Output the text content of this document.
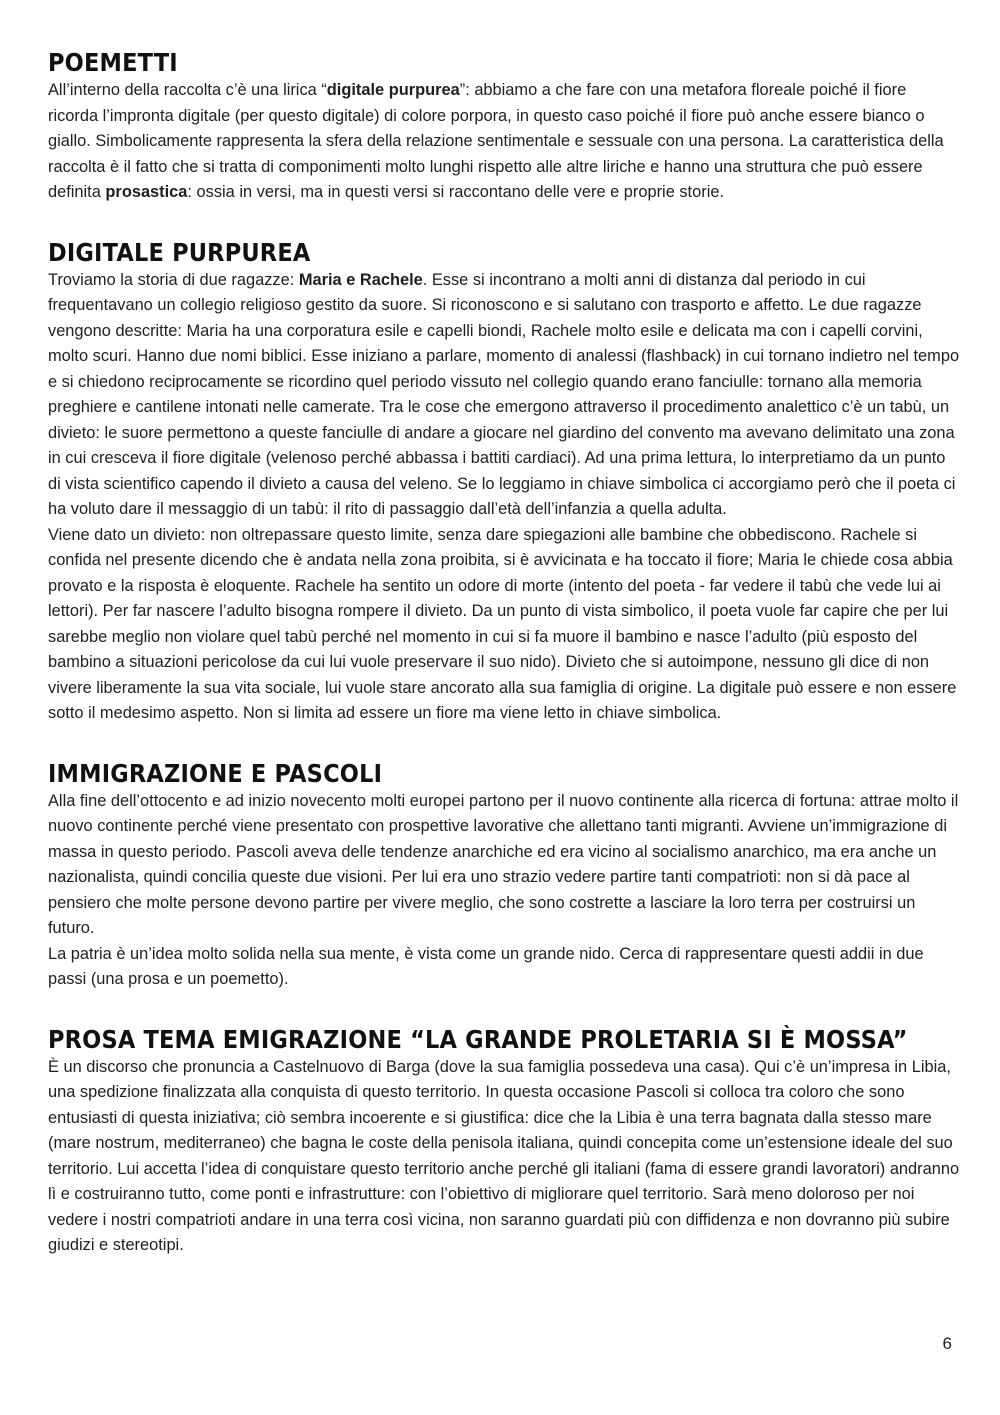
POEMETTI

All’interno della raccolta c’è una lirica “digitale purpurea”: abbiamo a che fare con una metafora floreale poiché il fiore ricorda l’impronta digitale (per questo digitale) di colore porpora, in questo caso poiché il fiore può anche essere bianco o giallo. Simbolicamente rappresenta la sfera della relazione sentimentale e sessuale con una persona. La caratteristica della raccolta è il fatto che si tratta di componimenti molto lunghi rispetto alle altre liriche e hanno una struttura che può essere definita prosastica: ossia in versi, ma in questi versi si raccontano delle vere e proprie storie.

DIGITALE PURPUREA

Troviamo la storia di due ragazze: Maria e Rachele. Esse si incontrano a molti anni di distanza dal periodo in cui frequentavano un collegio religioso gestito da suore. Si riconoscono e si salutano con trasporto e affetto. Le due ragazze vengono descritte: Maria ha una corporatura esile e capelli biondi, Rachele molto esile e delicata ma con i capelli corvini, molto scuri. Hanno due nomi biblici. Esse iniziano a parlare, momento di analessi (flashback) in cui tornano indietro nel tempo e si chiedono reciprocamente se ricordino quel periodo vissuto nel collegio quando erano fanciulle: tornano alla memoria preghiere e cantilene intonati nelle camerate. Tra le cose che emergono attraverso il procedimento analettico c’è un tabù, un divieto: le suore permettono a queste fanciulle di andare a giocare nel giardino del convento ma avevano delimitato una zona in cui cresceva il fiore digitale (velenoso perché abbassa i battiti cardiaci). Ad una prima lettura, lo interpretiamo da un punto di vista scientifico capendo il divieto a causa del veleno. Se lo leggiamo in chiave simbolica ci accorgiamo però che il poeta ci ha voluto dare il messaggio di un tabù: il rito di passaggio dall’età dell’infanzia a quella adulta.

Viene dato un divieto: non oltrepassare questo limite, senza dare spiegazioni alle bambine che obbediscono. Rachele si confida nel presente dicendo che è andata nella zona proibita, si è avvicinata e ha toccato il fiore; Maria le chiede cosa abbia provato e la risposta è eloquente. Rachele ha sentito un odore di morte (intento del poeta - far vedere il tabù che vede lui ai lettori). Per far nascere l’adulto bisogna rompere il divieto. Da un punto di vista simbolico, il poeta vuole far capire che per lui sarebbe meglio non violare quel tabù perché nel momento in cui si fa muore il bambino e nasce l’adulto (più esposto del bambino a situazioni pericolose da cui lui vuole preservare il suo nido). Divieto che si autoimpone, nessuno gli dice di non vivere liberamente la sua vita sociale, lui vuole stare ancorato alla sua famiglia di origine. La digitale può essere e non essere sotto il medesimo aspetto. Non si limita ad essere un fiore ma viene letto in chiave simbolica.

IMMIGRAZIONE E PASCOLI

Alla fine dell’ottocento e ad inizio novecento molti europei partono per il nuovo continente alla ricerca di fortuna: attrae molto il nuovo continente perché viene presentato con prospettive lavorative che allettano tanti migranti. Avviene un’immigrazione di massa in questo periodo. Pascoli aveva delle tendenze anarchiche ed era vicino al socialismo anarchico, ma era anche un nazionalista, quindi concilia queste due visioni. Per lui era uno strazio vedere partire tanti compatrioti: non si dà pace al pensiero che molte persone devono partire per vivere meglio, che sono costrette a lasciare la loro terra per costruirsi un futuro.

La patria è un’idea molto solida nella sua mente, è vista come un grande nido. Cerca di rappresentare questi addii in due passi (una prosa e un poemetto).

PROSA TEMA EMIGRAZIONE “LA GRANDE PROLETARIA SI È MOSSA”

È un discorso che pronuncia a Castelnuovo di Barga (dove la sua famiglia possedeva una casa). Qui c’è un’impresa in Libia, una spedizione finalizzata alla conquista di questo territorio. In questa occasione Pascoli si colloca tra coloro che sono entusiasti di questa iniziativa; ciò sembra incoerente e si giustifica: dice che la Libia è una terra bagnata dalla stesso mare (mare nostrum, mediterraneo) che bagna le coste della penisola italiana, quindi concepita come un’estensione ideale del suo territorio. Lui accetta l’idea di conquistare questo territorio anche perché gli italiani (fama di essere grandi lavoratori) andranno lì e costruiranno tutto, come ponti e infrastrutture: con l’obiettivo di migliorare quel territorio. Sarà meno doloroso per noi vedere i nostri compatrioti andare in una terra così vicina, non saranno guardati più con diffidenza e non dovranno più subire giudizi e stereotipi.

6
